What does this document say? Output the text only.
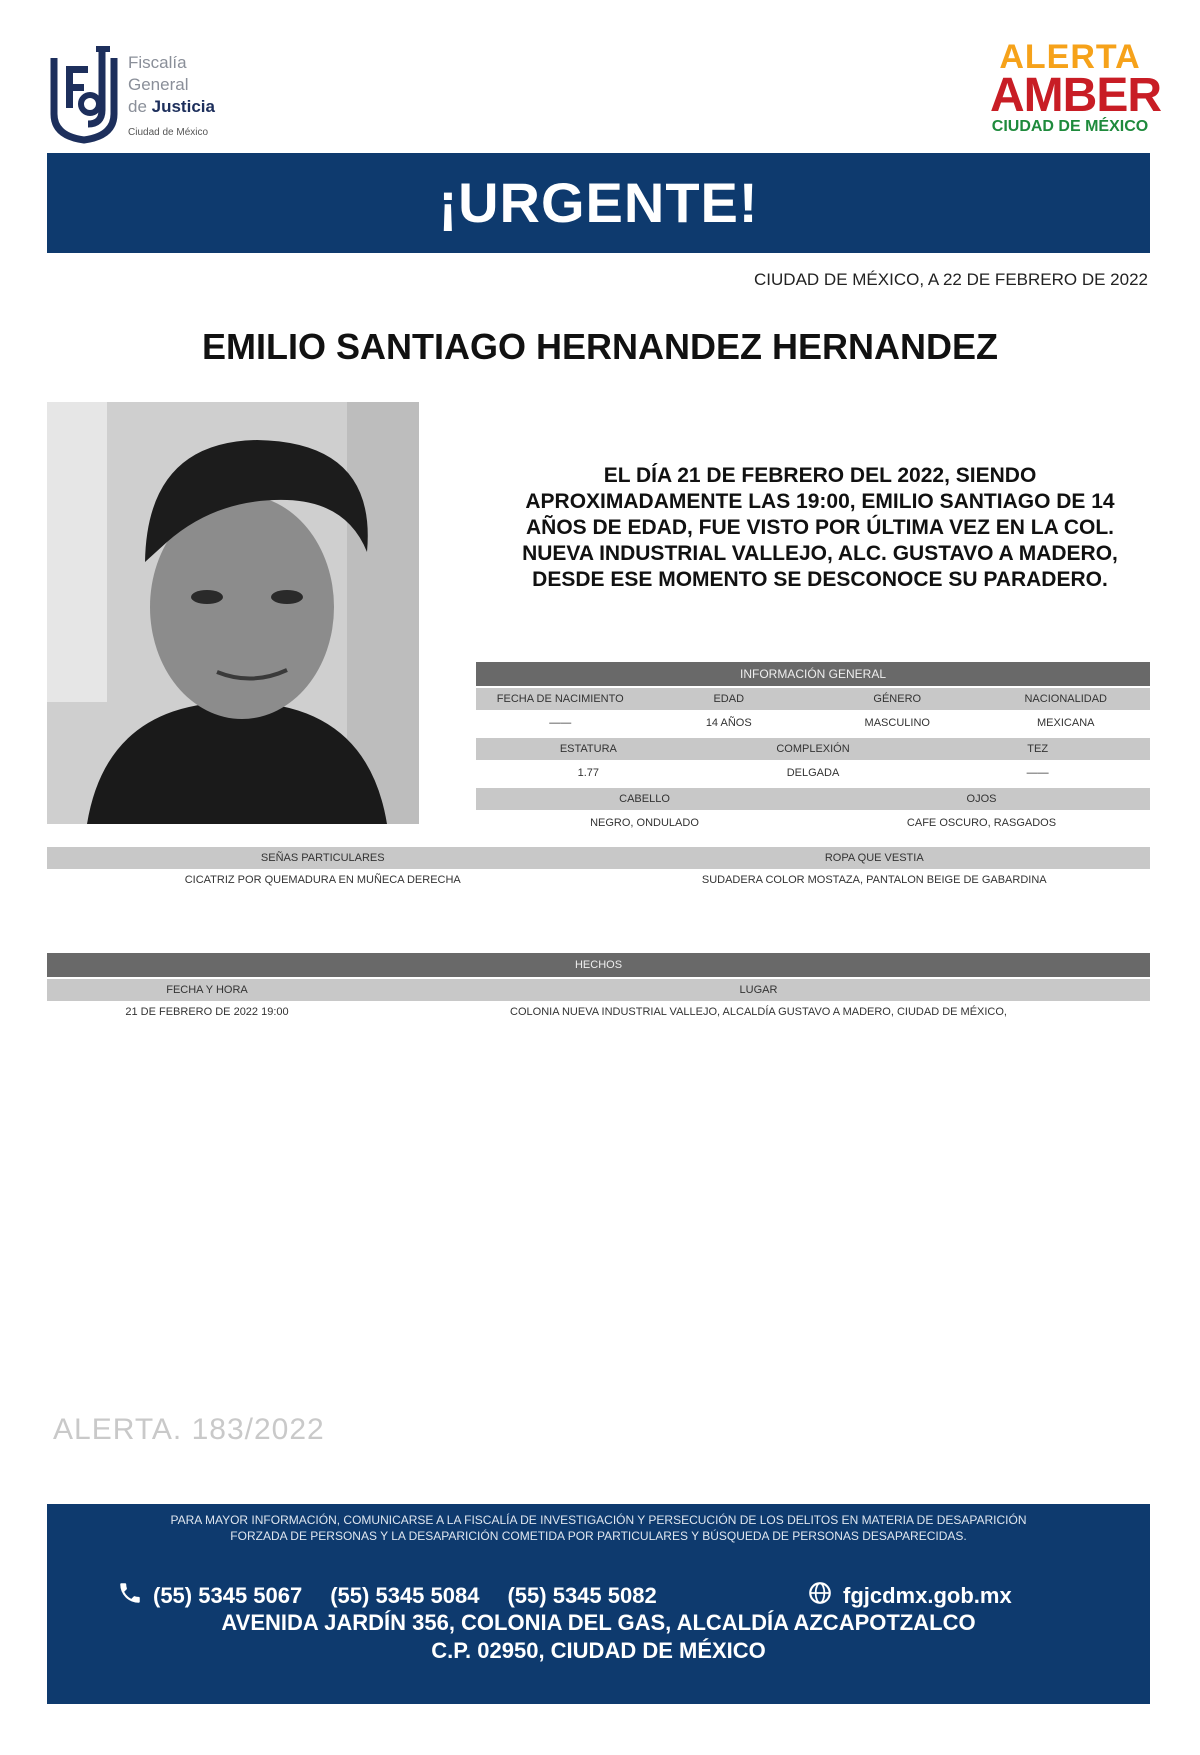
Fiscalía
General
de Justicia
Ciudad de México
ALERTA
AMBER
CIUDAD DE MÉXICO
¡URGENTE!
CIUDAD DE MÉXICO, A 22 DE FEBRERO DE 2022
EMILIO SANTIAGO HERNANDEZ HERNANDEZ
EL DÍA 21 DE FEBRERO DEL 2022, SIENDO
APROXIMADAMENTE LAS 19:00, EMILIO SANTIAGO DE 14
AÑOS DE EDAD, FUE VISTO POR ÚLTIMA VEZ EN LA COL.
NUEVA INDUSTRIAL VALLEJO, ALC. GUSTAVO A MADERO,
DESDE ESE MOMENTO SE DESCONOCE SU PARADERO.
INFORMACIÓN GENERAL
FECHA DE NACIMIENTO	EDAD	GÉNERO	NACIONALIDAD
——	14 AÑOS	MASCULINO	MEXICANA
ESTATURA	COMPLEXIÓN	TEZ
1.77	DELGADA	——
CABELLO	OJOS
NEGRO, ONDULADO	CAFE OSCURO, RASGADOS
SEÑAS PARTICULARES	ROPA QUE VESTIA
CICATRIZ POR QUEMADURA EN MUÑECA DERECHA	SUDADERA COLOR MOSTAZA, PANTALON BEIGE DE GABARDINA
HECHOS
FECHA Y HORA	LUGAR
21 DE FEBRERO DE 2022 19:00	COLONIA NUEVA INDUSTRIAL VALLEJO, ALCALDÍA GUSTAVO A MADERO, CIUDAD DE MÉXICO,
ALERTA. 183/2022
PARA MAYOR INFORMACIÓN, COMUNICARSE A LA FISCALÍA DE INVESTIGACIÓN Y PERSECUCIÓN DE LOS DELITOS EN MATERIA DE DESAPARICIÓN
FORZADA DE PERSONAS Y LA DESAPARICIÓN COMETIDA POR PARTICULARES Y BÚSQUEDA DE PERSONAS DESAPARECIDAS.
(55) 5345 5067 (55) 5345 5084 (55) 5345 5082	fgjcdmx.gob.mx
AVENIDA JARDÍN 356, COLONIA DEL GAS, ALCALDÍA AZCAPOTZALCO
C.P. 02950, CIUDAD DE MÉXICO
